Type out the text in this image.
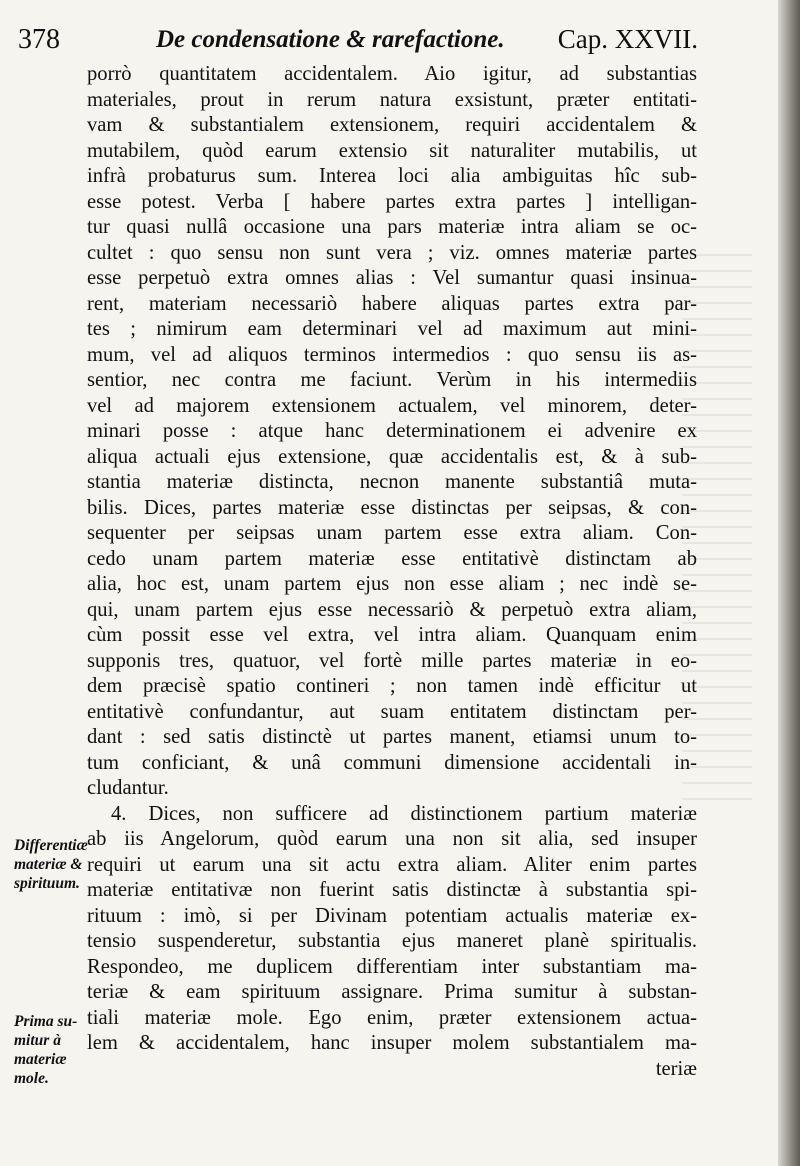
378	De condensatione & rarefactione. Cap. XXVII.
porrò quantitatem accidentalem. Aio igitur, ad substantias
materiales, prout in rerum natura exsistunt, præter entitati-
vam & substantialem extensionem, requiri accidentalem &
mutabilem, quòd earum extensio sit naturaliter mutabilis, ut
infrà probaturus sum. Interea loci alia ambiguitas hîc sub-
esse potest. Verba [ habere partes extra partes ] intelligan-
tur quasi nullâ occasione una pars materiæ intra aliam se oc-
cultet : quo sensu non sunt vera ; viz. omnes materiæ partes
esse perpetuò extra omnes alias : Vel sumantur quasi insinua-
rent, materiam necessariò habere aliquas partes extra par-
tes ; nimirum eam determinari vel ad maximum aut mini-
mum, vel ad aliquos terminos intermedios : quo sensu iis as-
sentior, nec contra me faciunt. Verùm in his intermediis
vel ad majorem extensionem actualem, vel minorem, deter-
minari posse : atque hanc determinationem ei advenire ex
aliqua actuali ejus extensione, quæ accidentalis est, & à sub-
stantia materiæ distincta, necnon manente substantiâ muta-
bilis. Dices, partes materiæ esse distinctas per seipsas, & con-
sequenter per seipsas unam partem esse extra aliam. Con-
cedo unam partem materiæ esse entitativè distinctam ab
alia, hoc est, unam partem ejus non esse aliam ; nec indè se-
qui, unam partem ejus esse necessariò & perpetuò extra aliam,
cùm possit esse vel extra, vel intra aliam. Quanquam enim
supponis tres, quatuor, vel fortè mille partes materiæ in eo-
dem præcisè spatio contineri ; non tamen indè efficitur ut
entitativè confundantur, aut suam entitatem distinctam per-
dant : sed satis distinctè ut partes manent, etiamsi unum to-
tum conficiant, & unâ communi dimensione accidentali in-
cludantur.
4. Dices, non sufficere ad distinctionem partium materiæ
ab iis Angelorum, quòd earum una non sit alia, sed insuper
requiri ut earum una sit actu extra aliam. Aliter enim partes
materiæ entitativæ non fuerint satis distinctæ à substantia spi-
rituum : imò, si per Divinam potentiam actualis materiæ ex-
tensio suspenderetur, substantia ejus maneret planè spiritualis.
Respondeo, me duplicem differentiam inter substantiam ma-
teriæ & eam spirituum assignare. Prima sumitur à substan-
tiali materiæ mole. Ego enim, præter extensionem actua-
lem & accidentalem, hanc insuper molem substantialem ma-
teriæ
Differentiæ
materiæ &
spirituum.
Prima su-
mitur à
materiæ
mole.
